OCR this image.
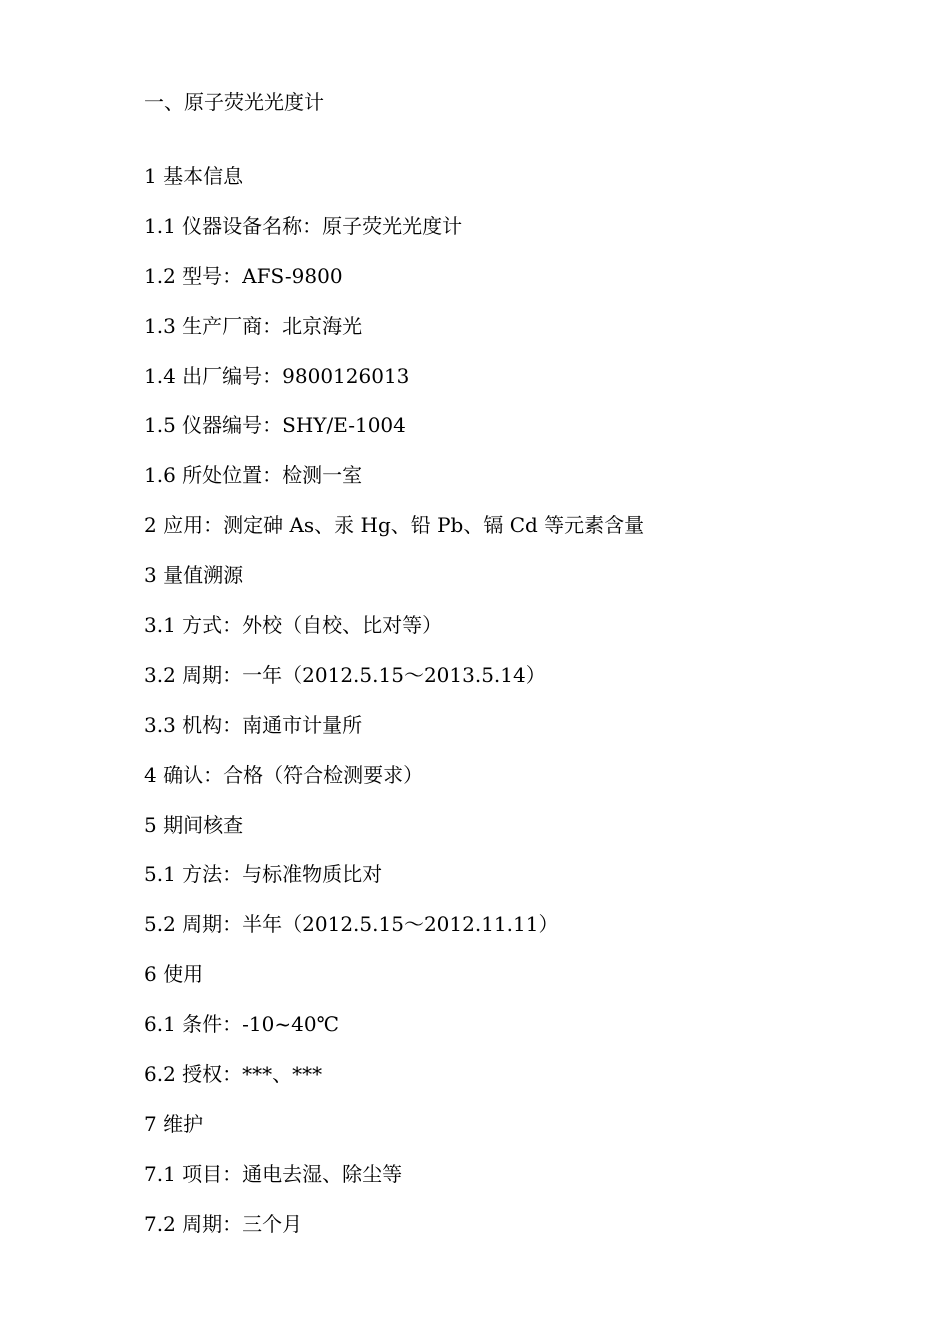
一、原子荧光光度计

1 基本信息

1.1 仪器设备名称：原子荧光光度计

1.2 型号：AFS-9800

1.3 生产厂商：北京海光

1.4 出厂编号：9800126013

1.5 仪器编号：SHY/E-1004

1.6 所处位置：检测一室

2 应用：测定砷 As、汞 Hg、铅 Pb、镉 Cd 等元素含量

3 量值溯源

3.1 方式：外校（自校、比对等）

3.2 周期：一年（2012.5.15～2013.5.14）

3.3 机构：南通市计量所

4 确认：合格（符合检测要求）

5 期间核查

5.1 方法：与标准物质比对

5.2 周期：半年（2012.5.15～2012.11.11）

6 使用

6.1 条件：-10~40℃

6.2 授权：***、***

7 维护

7.1 项目：通电去湿、除尘等

7.2 周期：三个月
